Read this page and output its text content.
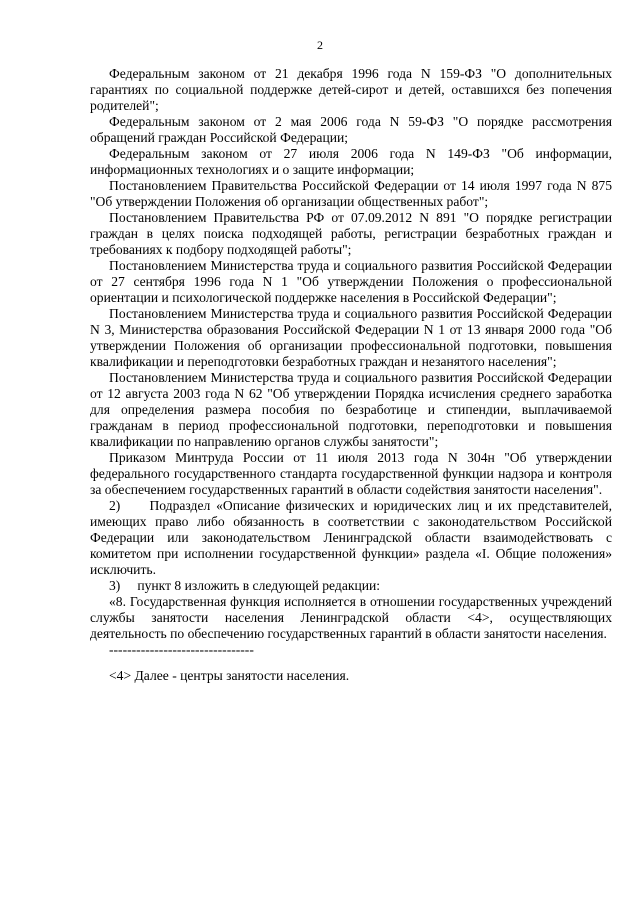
2

Федеральным законом от 21 декабря 1996 года N 159-ФЗ "О дополнительных гарантиях по социальной поддержке детей-сирот и детей, оставшихся без попечения родителей";

Федеральным законом от 2 мая 2006 года N 59-ФЗ "О порядке рассмотрения обращений граждан Российской Федерации;

Федеральным законом от 27 июля 2006 года N 149-ФЗ "Об информации, информационных технологиях и о защите информации;

Постановлением Правительства Российской Федерации от 14 июля 1997 года N 875 "Об утверждении Положения об организации общественных работ";

Постановлением Правительства РФ от 07.09.2012 N 891 "О порядке регистрации граждан в целях поиска подходящей работы, регистрации безработных граждан и требованиях к подбору подходящей работы";

Постановлением Министерства труда и социального развития Российской Федерации от 27 сентября 1996 года N 1 "Об утверждении Положения о профессиональной ориентации и психологической поддержке населения в Российской Федерации";

Постановлением Министерства труда и социального развития Российской Федерации N 3, Министерства образования Российской Федерации N 1 от 13 января 2000 года "Об утверждении Положения об организации профессиональной подготовки, повышения квалификации и переподготовки безработных граждан и незанятого населения";

Постановлением Министерства труда и социального развития Российской Федерации от 12 августа 2003 года N 62 "Об утверждении Порядка исчисления среднего заработка для определения размера пособия по безработице и стипендии, выплачиваемой гражданам в период профессиональной подготовки, переподготовки и повышения квалификации по направлению органов службы занятости";

Приказом Минтруда России от 11 июля 2013 года N 304н "Об утверждении федерального государственного стандарта государственной функции надзора и контроля за обеспечением государственных гарантий в области содействия занятости населения".

2)     Подраздел «Описание физических и юридических лиц и их представителей, имеющих право либо обязанность в соответствии с законодательством Российской Федерации или законодательством Ленинградской области взаимодействовать с комитетом при исполнении государственной функции» раздела «I. Общие положения» исключить.

3)     пункт 8 изложить в следующей редакции:

«8. Государственная функция исполняется в отношении государственных учреждений службы занятости населения Ленинградской области <4>, осуществляющих деятельность по обеспечению государственных гарантий в области занятости населения.

--------------------------------

<4> Далее - центры занятости населения.
